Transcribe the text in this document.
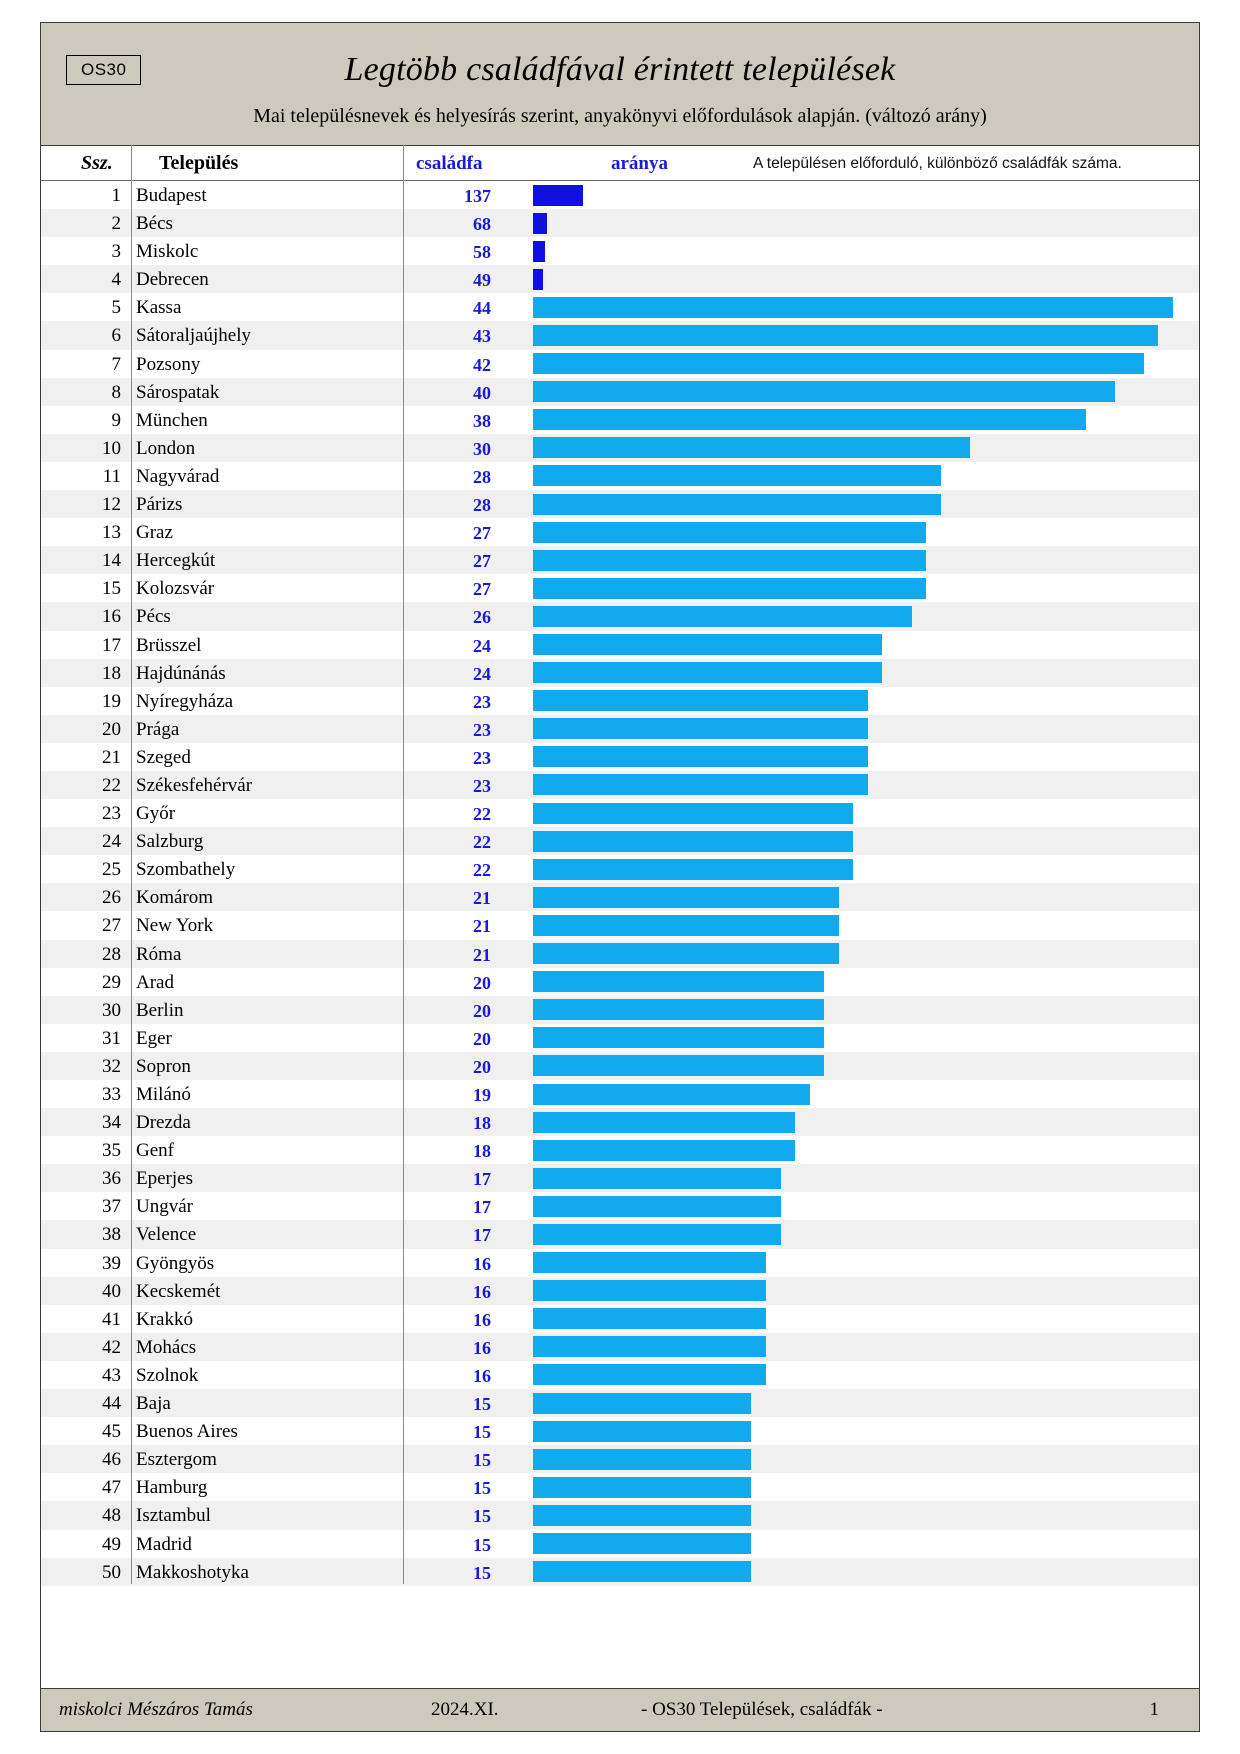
OS30	Legtöbb családfával érintett települések
Mai településnevek és helyesírás szerint, anyakönyvi előfordulások alapján. (változó arány)
Ssz. Település	családfa	aránya	A településen előforduló, különböző családfák száma.
1 Budapest	137
2 Bécs	68
3 Miskolc	58
4 Debrecen	49
5 Kassa	44
6 Sátoraljaújhely	43
7 Pozsony	42
8 Sárospatak	40
9 München	38
10 London	30
11 Nagyvárad	28
12 Párizs	28
13 Graz	27
14 Hercegkút	27
15 Kolozsvár	27
16 Pécs	26
17 Brüsszel	24
18 Hajdúnánás	24
19 Nyíregyháza	23
20 Prága	23
21 Szeged	23
22 Székesfehérvár	23
23 Győr	22
24 Salzburg	22
25 Szombathely	22
26 Komárom	21
27 New York	21
28 Róma	21
29 Arad	20
30 Berlin	20
31 Eger	20
32 Sopron	20
33 Milánó	19
34 Drezda	18
35 Genf	18
36 Eperjes	17
37 Ungvár	17
38 Velence	17
39 Gyöngyös	16
40 Kecskemét	16
41 Krakkó	16
42 Mohács	16
43 Szolnok	16
44 Baja	15
45 Buenos Aires	15
46 Esztergom	15
47 Hamburg	15
48 Isztambul	15
49 Madrid	15
50 Makkoshotyka	15
miskolci Mészáros Tamás	2024.XI.	- OS30 Települések, családfák -	1
